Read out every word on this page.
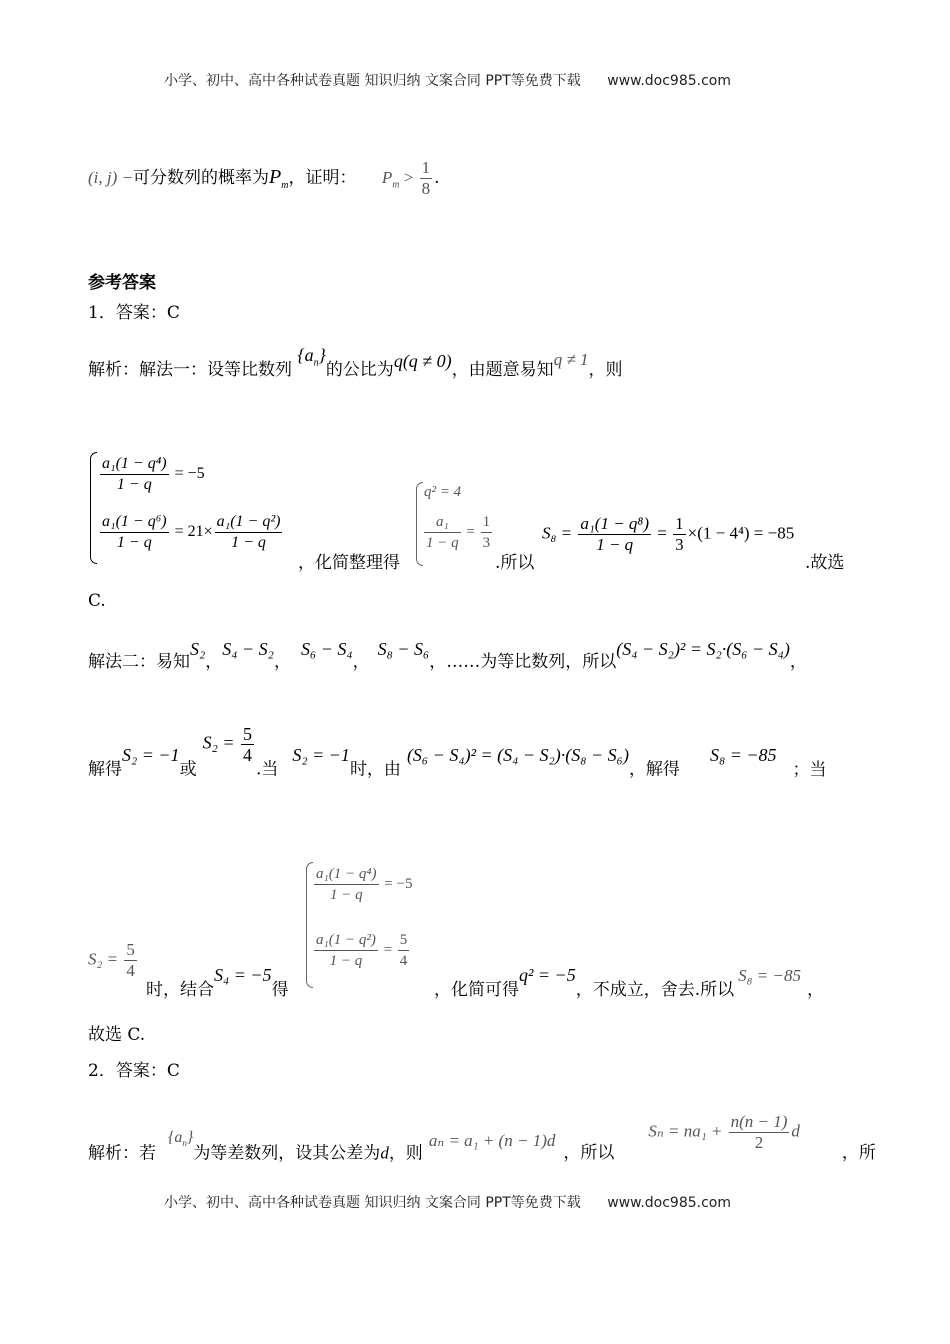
小学、初中、高中各种试卷真题 知识归纳 文案合同 PPT等免费下载 www.doc985.com
(i, j) −可分数列的概率为$P_m$，证明： $P_m > \frac{1}{8}$ .
参考答案
1．答案：C
解析：解法一：设等比数列 $\{a_n\}$的公比为q(q ≠ 0)，由题意易知q ≠ 1，则
$\frac{\text{a₁(1 − q⁴)}}{1 - q} = -5$
$\frac{\text{a₁(1 − q⁶)}}{1 - q} = 21\times \frac{\text{a₁(1 − q²)}}{1 - q}$
，化简整理得
q² = 4
$\frac{\text{a₁}}{1 - q} = \frac{1}{3}$
.所以
$S_8 = \frac{\text{a₁(1 − q⁸)}}{1 - q} = \frac{1}{3} \times(1 - 4^4) = -85$
.故选
C.
解法二：易知S₂，S₄ − S₂，S₆ − S₄，S₈ − S₆，……为等比数列，所以(S₄ − S₂)² = S₂·(S₆ − S₄)，
解得S₂ = −1或$S_2 = \frac{5}{4}$
.当S₂ = −1时，由(S₆ − S₄)² = (S₄ − S₂)·(S₈ − S₆)，解得S₈ = −85；当
$S_2 = \frac{5}{4}$
时，结合S₄ = −5得
$\frac{\text{a₁(1 − q⁴)}}{1 - q} = -5$
$\frac{\text{a₁(1 − q²)}}{1 - q} = \frac{5}{4}$
，化简可得q² = −5，不成立，舍去.所以S₈ = −85，
故选 C.
2．答案：C
解析：若$\{a_n\}$为等差数列，设其公差为d，则aₙ = a₁ + (n − 1)d，所以$S_n = na_1 + \frac{n(n - 1)}{2}$ d，所
小学、初中、高中各种试卷真题 知识归纳 文案合同 PPT等免费下载 www.doc985.com
